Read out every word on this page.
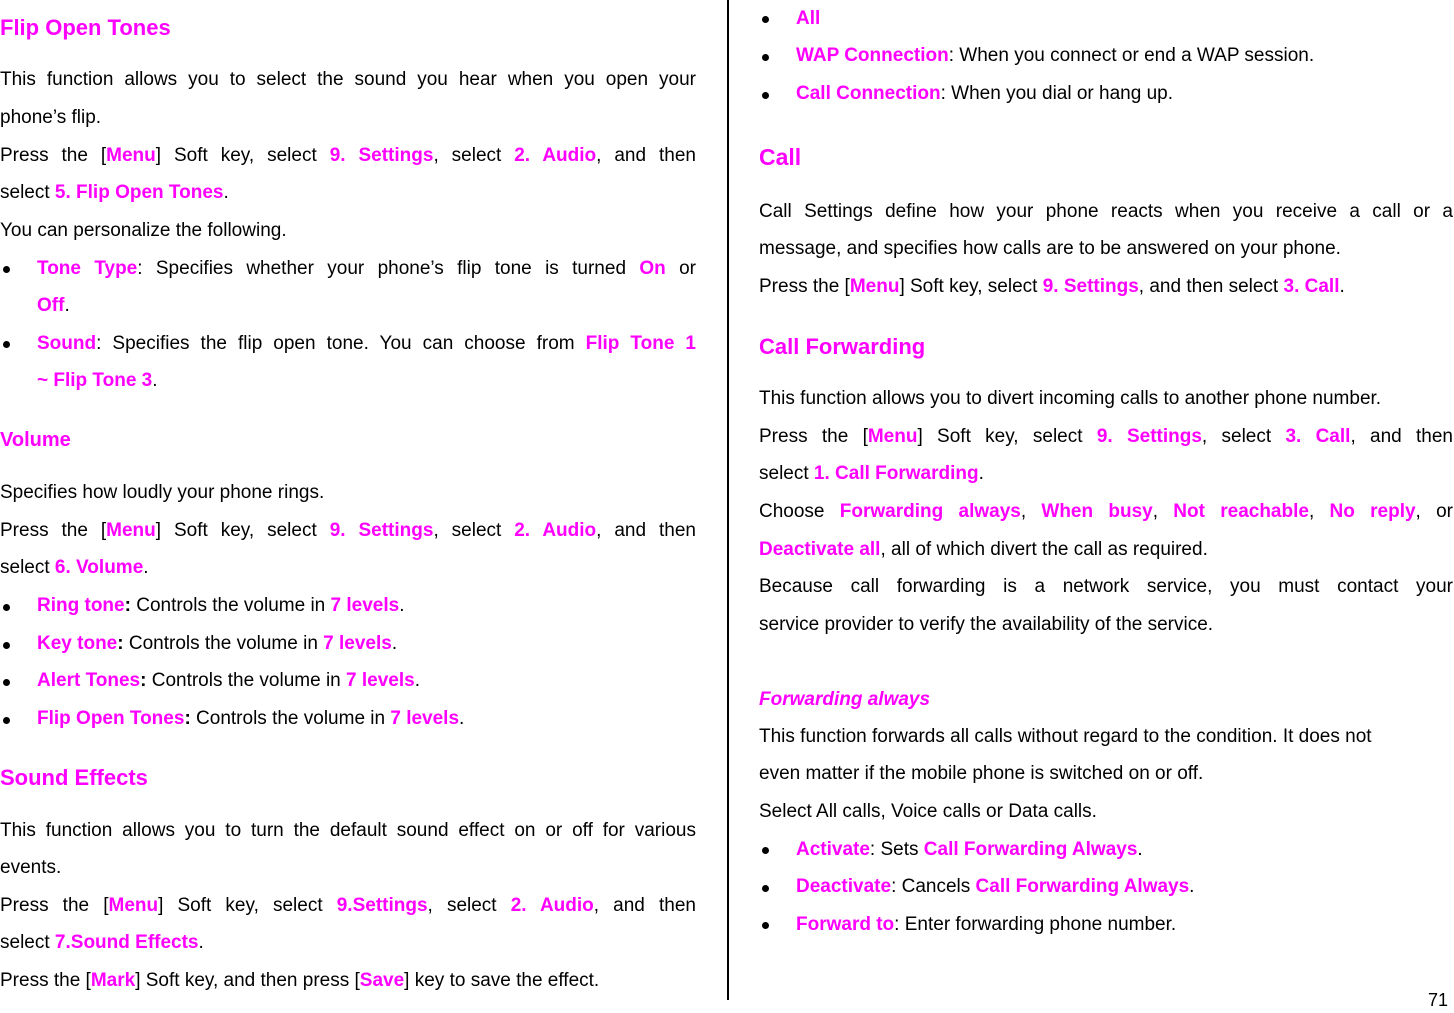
Flip Open Tones
This function allows you to select the sound you hear when you open your
phone’s flip.
Press the [Menu] Soft key, select 9. Settings, select 2. Audio, and then
select 5. Flip Open Tones.
You can personalize the following.
Tone Type: Specifies whether your phone’s flip tone is turned On or
Off.
Sound: Specifies the flip open tone. You can choose from Flip Tone 1
~ Flip Tone 3.
Volume
Specifies how loudly your phone rings.
Press the [Menu] Soft key, select 9. Settings, select 2. Audio, and then
select 6. Volume.
Ring tone: Controls the volume in 7 levels.
Key tone: Controls the volume in 7 levels.
Alert Tones: Controls the volume in 7 levels.
Flip Open Tones: Controls the volume in 7 levels.
Sound Effects
This function allows you to turn the default sound effect on or off for various
events.
Press the [Menu] Soft key, select 9.Settings, select 2. Audio, and then
select 7.Sound Effects.
Press the [Mark] Soft key, and then press [Save] key to save the effect.
All
WAP Connection: When you connect or end a WAP session.
Call Connection: When you dial or hang up.
Call
Call Settings define how your phone reacts when you receive a call or a
message, and specifies how calls are to be answered on your phone.
Press the [Menu] Soft key, select 9. Settings, and then select 3. Call.
Call Forwarding
This function allows you to divert incoming calls to another phone number.
Press the [Menu] Soft key, select 9. Settings, select 3. Call, and then
select 1. Call Forwarding.
Choose Forwarding always, When busy, Not reachable, No reply, or
Deactivate all, all of which divert the call as required.
Because call forwarding is a network service, you must contact your
service provider to verify the availability of the service.
Forwarding always
This function forwards all calls without regard to the condition. It does not
even matter if the mobile phone is switched on or off.
Select All calls, Voice calls or Data calls.
Activate: Sets Call Forwarding Always.
Deactivate: Cancels Call Forwarding Always.
Forward to: Enter forwarding phone number.
71
